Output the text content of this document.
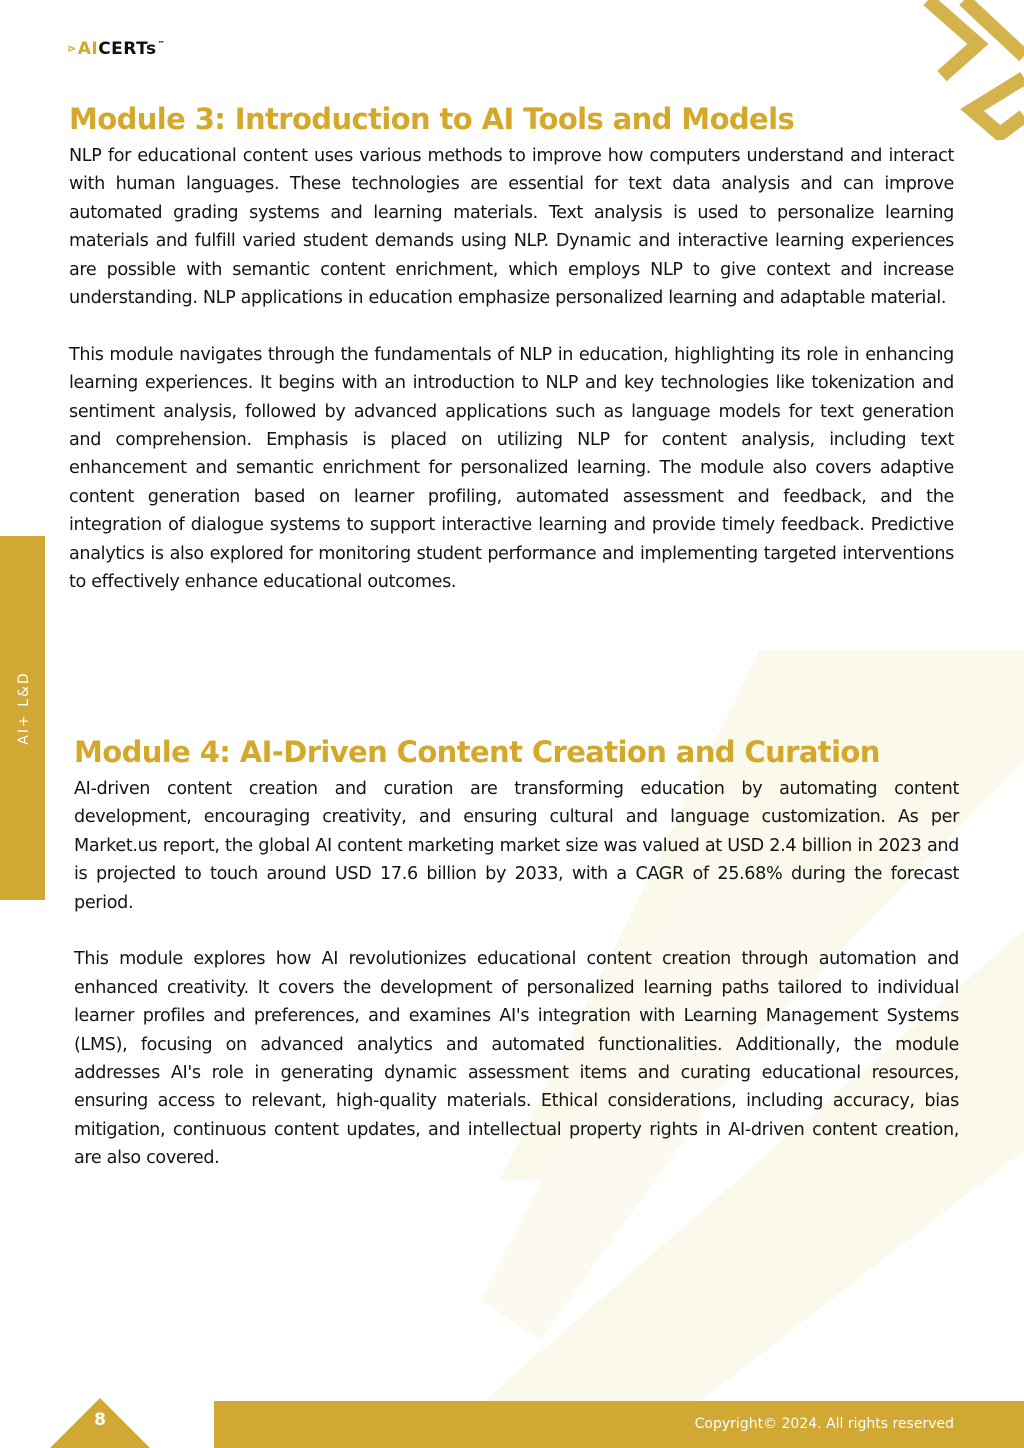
⋗ AI CERTs ™
AI+ L&D
Module 3: Introduction to AI Tools and Models

NLP for educational content uses various methods to improve how computers understand and interact with human languages. These technologies are essential for text data analysis and can improve automated grading systems and learning materials. Text analysis is used to personalize learning materials and fulfill varied student demands using NLP. Dynamic and interactive learning experiences are possible with semantic content enrichment, which employs NLP to give context and increase understanding. NLP applications in education emphasize personalized learning and adaptable material.

This module navigates through the fundamentals of NLP in education, highlighting its role in enhancing learning experiences. It begins with an introduction to NLP and key technologies like tokenization and sentiment analysis, followed by advanced applications such as language models for text generation and comprehension. Emphasis is placed on utilizing NLP for content analysis, including text enhancement and semantic enrichment for personalized learning. The module also covers adaptive content generation based on learner profiling, automated assessment and feedback, and the integration of dialogue systems to support interactive learning and provide timely feedback. Predictive analytics is also explored for monitoring student performance and implementing targeted interventions to effectively enhance educational outcomes.

Module 4: AI-Driven Content Creation and Curation

AI-driven content creation and curation are transforming education by automating content development, encouraging creativity, and ensuring cultural and language customization. As per Market.us report, the global AI content marketing market size was valued at USD 2.4 billion in 2023 and is projected to touch around USD 17.6 billion by 2033, with a CAGR of 25.68% during the forecast period.

This module explores how AI revolutionizes educational content creation through automation and enhanced creativity. It covers the development of personalized learning paths tailored to individual learner profiles and preferences, and examines AI's integration with Learning Management Systems (LMS), focusing on advanced analytics and automated functionalities. Additionally, the module addresses AI's role in generating dynamic assessment items and curating educational resources, ensuring access to relevant, high-quality materials. Ethical considerations, including accuracy, bias mitigation, continuous content updates, and intellectual property rights in AI-driven content creation, are also covered.

8	Copyright© 2024. All rights reserved
